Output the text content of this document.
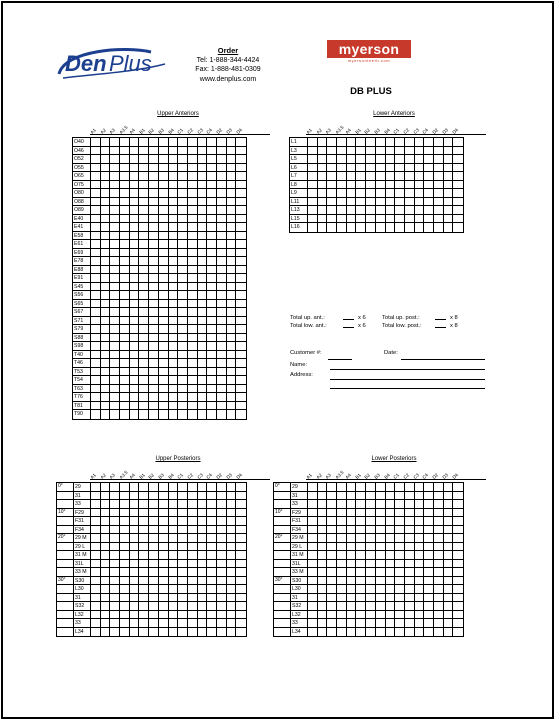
Den Plus
Order
Tel: 1-888-344-4424
Fax: 1-888-481-0309
www.denplus.com
myerson
myersonteeth.com
DB PLUS
Upper Anteriors	Lower Anteriors
Upper Posteriors	Lower Posteriors
A1 A2 A3 A3.5 A4 B1 B2 B3 B4 C1 C2 C3 C4 D2 D3 D4	A1 A2 A3 A3.5 A4 B1 B2 B3 B4 C1 C2 C3 C4 D2 D3 D4
A1 A2 A3 A3.5 A4 B1 B2 B3 B4 C1 C2 C3 C4 D2 D3 D4	A1 A2 A3 A3.5 A4 B1 B2 B3 B4 C1 C2 C3 C4 D2 D3 D4
O40
O46
O52
O55
O65
O75
O80
O88
O89
E40
E41
E58
E61
E69
E78
E88
E91
S45
S56
S65
S67
S71
S79
S88
S98
T40
T46
T53
T54
T63
T76
T81
T90
L1
L3
L5
L6
L7
L8
L9
L11
L13
L15
L16
0°	29
31
33
10°	F29
F31
F34
20°	29 M
29 L
31 M
31L
33 M
30°	S30
L30
31
S32
L32
33
L34
0°	29
31
33
10°	F29
F31
F34
20°	29 M
29 L
31 M
31L
33 M
30°	S30
L30
31
S32
L32
33
L34
Total up. ant.:	x 6	Total up. post.:	x 8
Total low. ant.:	x 6	Total low. post.:	x 8
Customer #:	Date:
Name:
Address:
